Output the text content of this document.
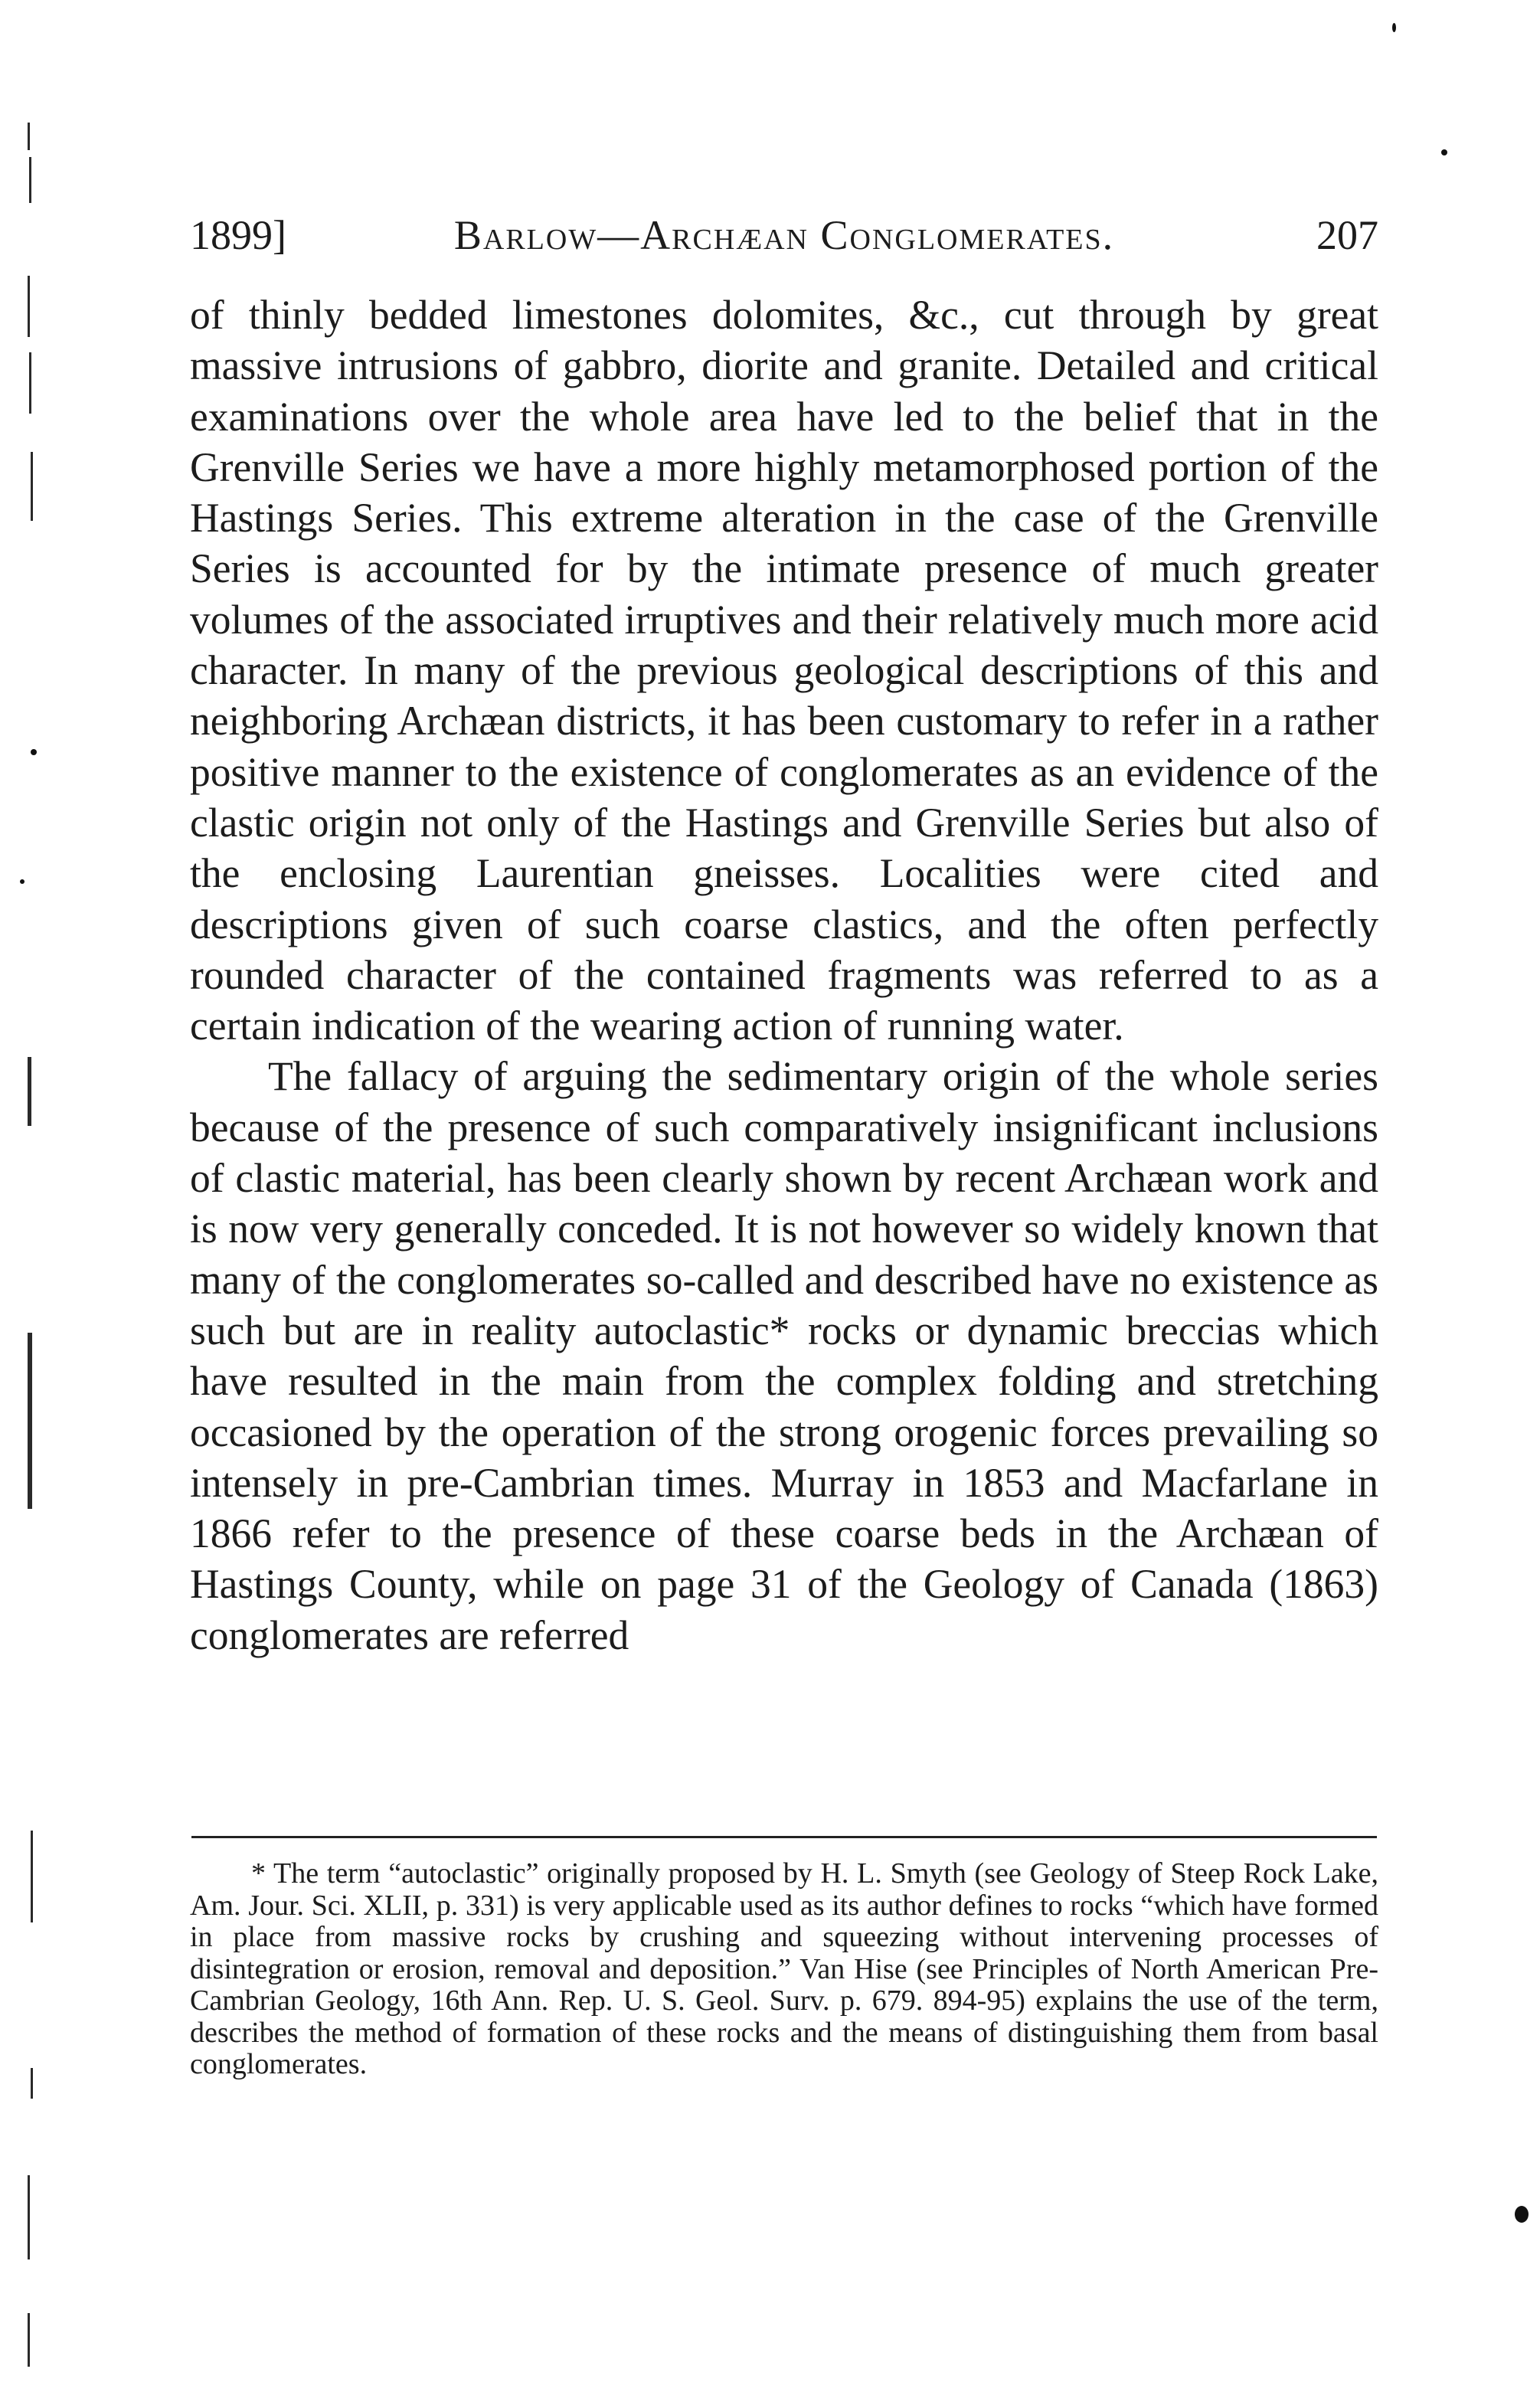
1899]	Barlow—Archæan Conglomerates.	207

of thinly bedded limestones dolomites, &c., cut through by great massive intrusions of gabbro, diorite and granite. Detailed and critical examinations over the whole area have led to the belief that in the Grenville Series we have a more highly metamorphosed portion of the Hastings Series. This extreme alteration in the case of the Grenville Series is accounted for by the intimate presence of much greater volumes of the associated irruptives and their relatively much more acid character. In many of the previous geological descriptions of this and neighboring Archæan districts, it has been customary to refer in a rather positive manner to the existence of conglomerates as an evidence of the clastic origin not only of the Hastings and Grenville Series but also of the enclosing Laurentian gneisses. Localities were cited and descriptions given of such coarse clastics, and the often perfectly rounded character of the contained fragments was referred to as a certain indication of the wearing action of running water.

The fallacy of arguing the sedimentary origin of the whole series because of the presence of such comparatively insignificant inclusions of clastic material, has been clearly shown by recent Archæan work and is now very generally conceded. It is not however so widely known that many of the conglomerates so-called and described have no existence as such but are in reality autoclastic* rocks or dynamic breccias which have resulted in the main from the complex folding and stretching occasioned by the operation of the strong orogenic forces prevailing so intensely in pre-Cambrian times. Murray in 1853 and Macfarlane in 1866 refer to the presence of these coarse beds in the Archæan of Hastings County, while on page 31 of the Geology of Canada (1863) conglomerates are referred

* The term “autoclastic” originally proposed by H. L. Smyth (see Geology of Steep Rock Lake, Am. Jour. Sci. XLII, p. 331) is very applicable used as its author defines to rocks “which have formed in place from massive rocks by crushing and squeezing without intervening processes of disintegration or erosion, removal and deposition.” Van Hise (see Principles of North American Pre-Cambrian Geology, 16th Ann. Rep. U. S. Geol. Surv. p. 679. 894-95) explains the use of the term, describes the method of formation of these rocks and the means of distinguishing them from basal conglomerates.
